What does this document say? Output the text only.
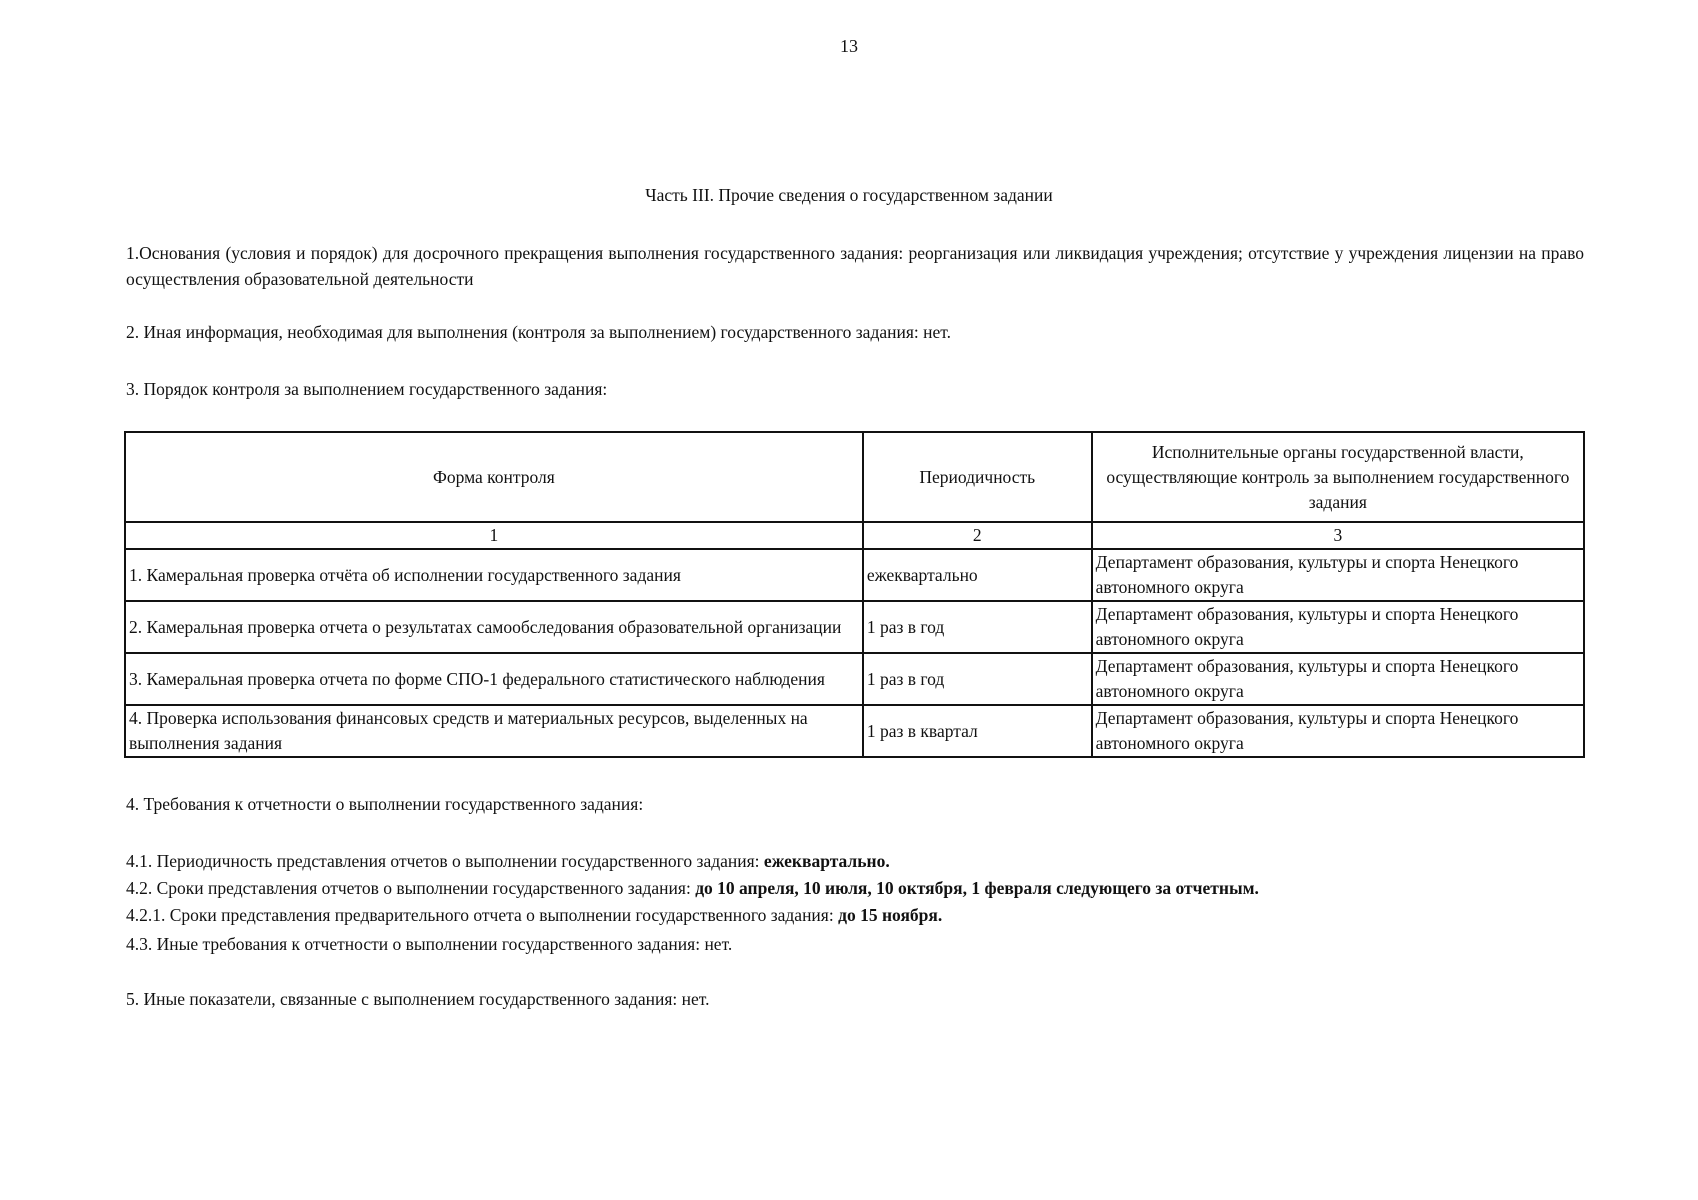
13
Часть III. Прочие сведения о государственном задании
1.Основания (условия и порядок) для досрочного прекращения выполнения государственного задания: реорганизация или ликвидация учреждения; отсутствие у учреждения лицензии на право осуществления образовательной деятельности
2. Иная информация, необходимая для выполнения (контроля за выполнением) государственного задания: нет.
3. Порядок контроля за выполнением государственного задания:
Форма контроля	Периодичность	Исполнительные органы государственной власти, осуществляющие контроль за выполнением государственного задания
1	2	3
1. Камеральная проверка отчёта об исполнении государственного задания	ежеквартально	Департамент образования, культуры и спорта Ненецкого автономного округа
2. Камеральная проверка отчета о результатах самообследования образовательной организации	1 раз в год	Департамент образования, культуры и спорта Ненецкого автономного округа
3. Камеральная проверка отчета по форме СПО-1 федерального статистического наблюдения	1 раз в год	Департамент образования, культуры и спорта Ненецкого автономного округа
4. Проверка использования финансовых средств и материальных ресурсов, выделенных на выполнения задания	1 раз в квартал	Департамент образования, культуры и спорта Ненецкого автономного округа
4. Требования к отчетности о выполнении государственного задания:
4.1. Периодичность представления отчетов о выполнении государственного задания: ежеквартально.
4.2. Сроки представления отчетов о выполнении государственного задания: до 10 апреля, 10 июля, 10 октября, 1 февраля следующего за отчетным.
4.2.1. Сроки представления предварительного отчета о выполнении государственного задания: до 15 ноября.
4.3. Иные требования к отчетности о выполнении государственного задания: нет.
5. Иные показатели, связанные с выполнением государственного задания: нет.
